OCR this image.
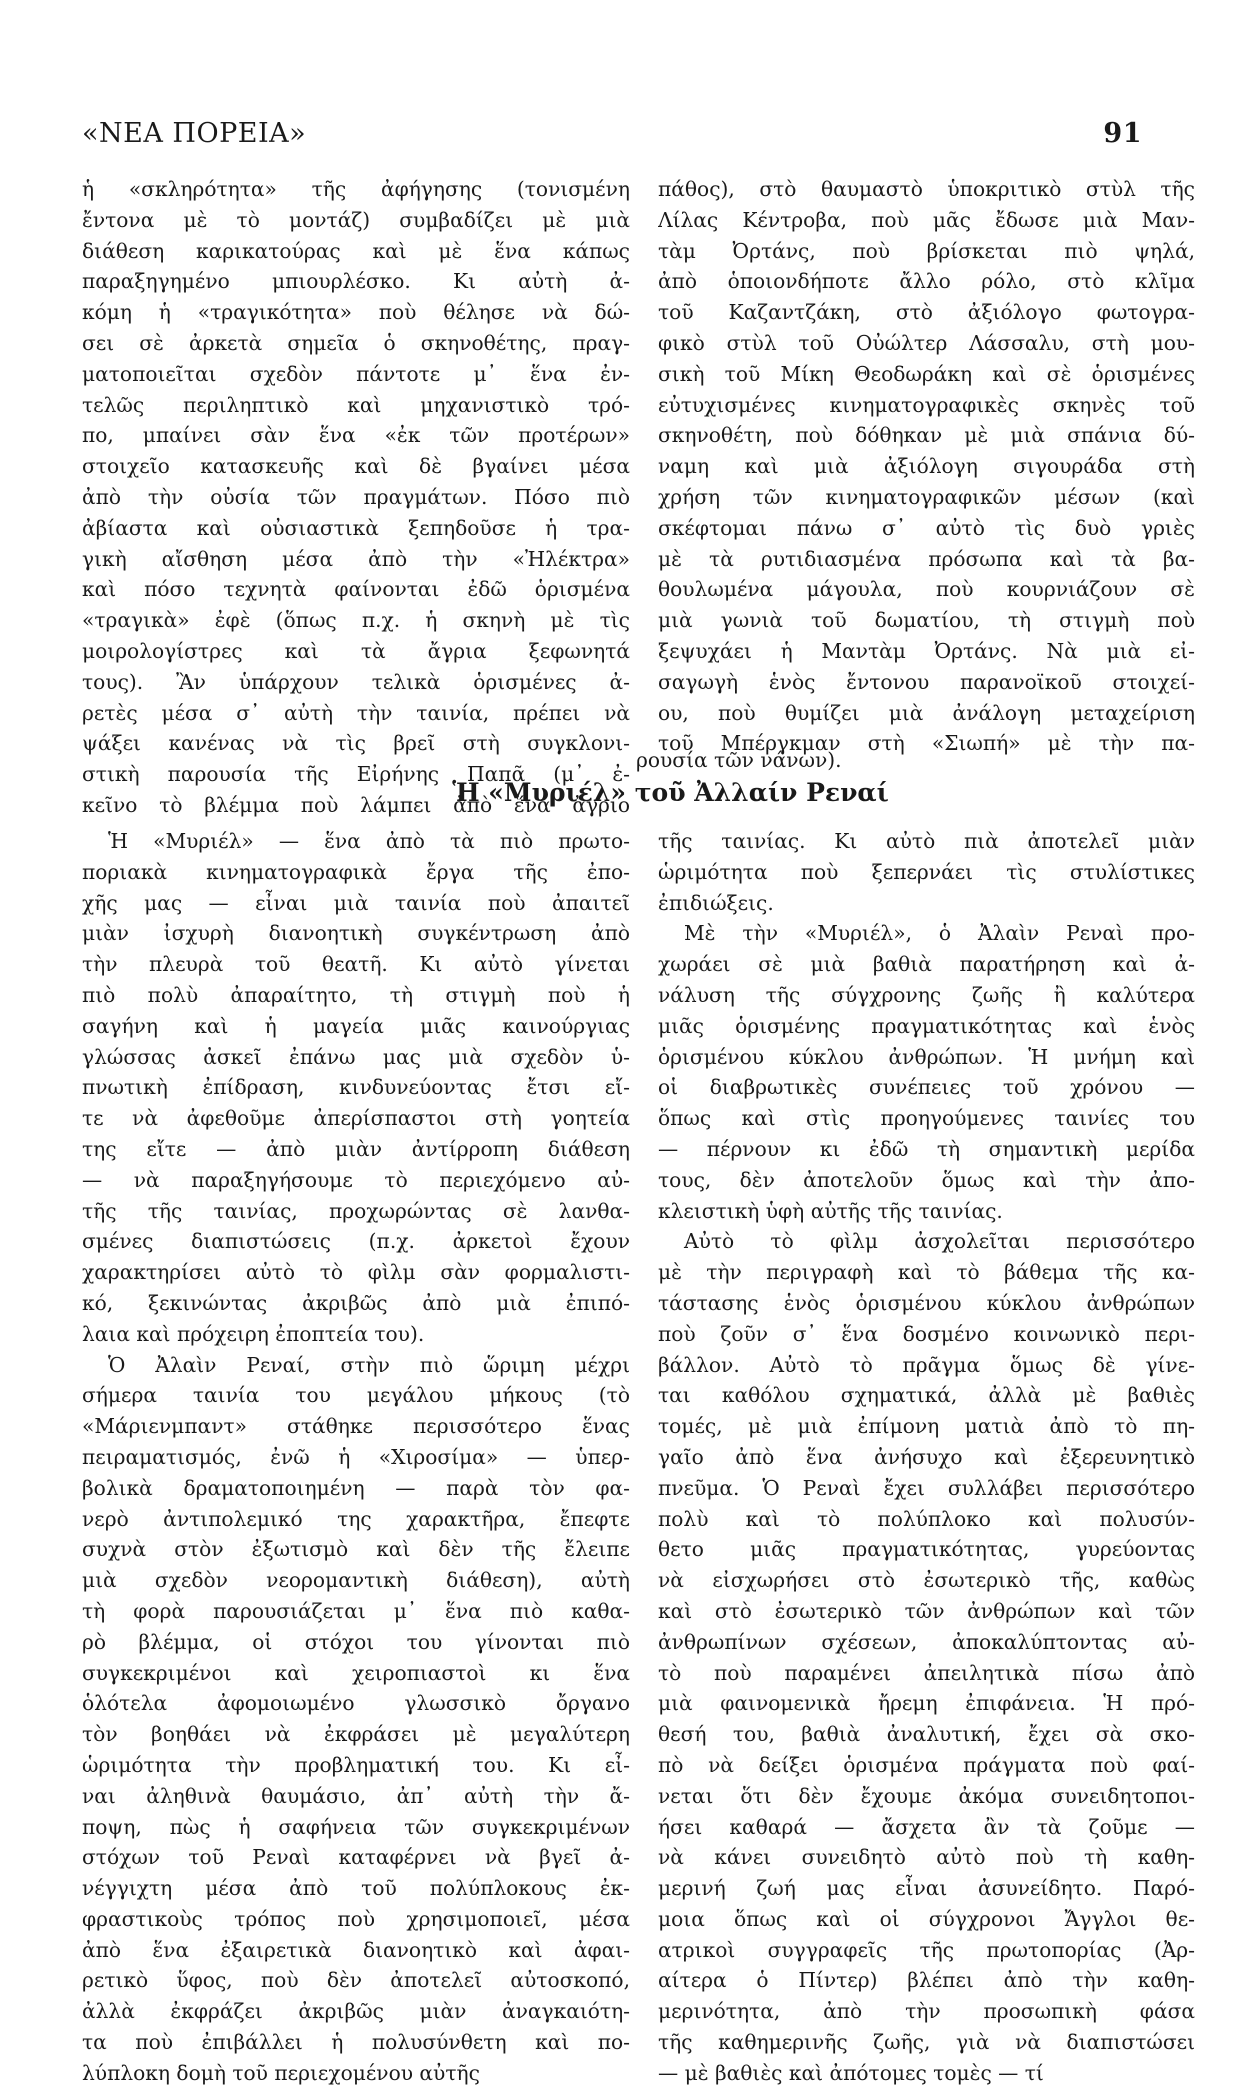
«ΝΕΑ ΠΟΡΕΙΑ»	91
ἡ «σκληρότητα» τῆς ἀφήγησης (τονισμένη
ἔντονα μὲ τὸ μοντάζ) συμβαδίζει μὲ μιὰ
διάθεση καρικατούρας καὶ μὲ ἕνα κάπως
παραξηγημένο μπιουρλέσκο. Κι αὐτὴ ἀ-
κόμη ἡ «τραγικότητα» ποὺ θέλησε νὰ δώ-
σει σὲ ἀρκετὰ σημεῖα ὁ σκηνοθέτης, πραγ-
ματοποιεῖται σχεδὸν πάντοτε μ᾿ ἕνα ἐν-
τελῶς περιληπτικὸ καὶ μηχανιστικὸ τρό-
πο, μπαίνει σὰν ἕνα «ἐκ τῶν προτέρων»
στοιχεῖο κατασκευῆς καὶ δὲ βγαίνει μέσα
ἀπὸ τὴν οὐσία τῶν πραγμάτων. Πόσο πιὸ
ἀβίαστα καὶ οὐσιαστικὰ ξεπηδοῦσε ἡ τρα-
γικὴ αἴσθηση μέσα ἀπὸ τὴν «Ἠλέκτρα»
καὶ πόσο τεχνητὰ φαίνονται ἐδῶ ὁρισμένα
«τραγικὰ» ἐφὲ (ὅπως π.χ. ἡ σκηνὴ μὲ τὶς
μοιρολογίστρες καὶ τὰ ἄγρια ξεφωνητά
τους). Ἂν ὑπάρχουν τελικὰ ὁρισμένες ἀ-
ρετὲς μέσα σ᾿ αὐτὴ τὴν ταινία, πρέπει νὰ
ψάξει κανένας νὰ τὶς βρεῖ στὴ συγκλονι-
στικὴ παρουσία τῆς Εἰρήνης Παπᾶ (μ᾿ ἐ-
κεῖνο τὸ βλέμμα ποὺ λάμπει ἀπὸ ἕνα ἄγριο
πάθος), στὸ θαυμαστὸ ὑποκριτικὸ στὺλ τῆς
Λίλας Κέντροβα, ποὺ μᾶς ἔδωσε μιὰ Μαν-
τὰμ Ὀρτάνς, ποὺ βρίσκεται πιὸ ψηλά,
ἀπὸ ὁποιονδήποτε ἄλλο ρόλο, στὸ κλῖμα
τοῦ Καζαντζάκη, στὸ ἀξιόλογο φωτογρα-
φικὸ στὺλ τοῦ Οὐώλτερ Λάσσαλυ, στὴ μου-
σικὴ τοῦ Μίκη Θεοδωράκη καὶ σὲ ὁρισμένες
εὐτυχισμένες κινηματογραφικὲς σκηνὲς τοῦ
σκηνοθέτη, ποὺ δόθηκαν μὲ μιὰ σπάνια δύ-
ναμη καὶ μιὰ ἀξιόλογη σιγουράδα στὴ
χρήση τῶν κινηματογραφικῶν μέσων (καὶ
σκέφτομαι πάνω σ᾿ αὐτὸ τὶς δυὸ γριὲς
μὲ τὰ ρυτιδιασμένα πρόσωπα καὶ τὰ βα-
θουλωμένα μάγουλα, ποὺ κουρνιάζουν σὲ
μιὰ γωνιὰ τοῦ δωματίου, τὴ στιγμὴ ποὺ
ξεψυχάει ἡ Μαντὰμ Ὀρτάνς. Νὰ μιὰ εἰ-
σαγωγὴ ἑνὸς ἔντονου παρανοϊκοῦ στοιχεί-
ου, ποὺ θυμίζει μιὰ ἀνάλογη μεταχείριση
τοῦ Μπέργκμαν στὴ «Σιωπή» μὲ τὴν πα-
ρουσία τῶν νάνων).
Ἡ «Μυριέλ» τοῦ Ἀλλαίν Ρεναί
Ἡ «Μυριέλ» — ἕνα ἀπὸ τὰ πιὸ πρωτο-
ποριακὰ κινηματογραφικὰ ἔργα τῆς ἐπο-
χῆς μας — εἶναι μιὰ ταινία ποὺ ἀπαιτεῖ
μιὰν ἰσχυρὴ διανοητικὴ συγκέντρωση ἀπὸ
τὴν πλευρὰ τοῦ θεατῆ. Κι αὐτὸ γίνεται
πιὸ πολὺ ἀπαραίτητο, τὴ στιγμὴ ποὺ ἡ
σαγήνη καὶ ἡ μαγεία μιᾶς καινούργιας
γλώσσας ἀσκεῖ ἐπάνω μας μιὰ σχεδὸν ὑ-
πνωτικὴ ἐπίδραση, κινδυνεύοντας ἔτσι εἴ-
τε νὰ ἀφεθοῦμε ἀπερίσπαστοι στὴ γοητεία
της εἴτε — ἀπὸ μιὰν ἀντίρροπη διάθεση
— νὰ παραξηγήσουμε τὸ περιεχόμενο αὐ-
τῆς τῆς ταινίας, προχωρώντας σὲ λανθα-
σμένες διαπιστώσεις (π.χ. ἀρκετοὶ ἔχουν
χαρακτηρίσει αὐτὸ τὸ φὶλμ σὰν φορμαλιστι-
κό, ξεκινώντας ἀκριβῶς ἀπὸ μιὰ ἐπιπό-
λαια καὶ πρόχειρη ἐποπτεία του).
Ὁ Ἀλαὶν Ρεναί, στὴν πιὸ ὥριμη μέχρι
σήμερα ταινία του μεγάλου μήκους (τὸ
«Μάριενμπαντ» στάθηκε περισσότερο ἕνας
πειραματισμός, ἐνῶ ἡ «Χιροσίμα» — ὑπερ-
βολικὰ δραματοποιημένη — παρὰ τὸν φα-
νερὸ ἀντιπολεμικό της χαρακτῆρα, ἔπεφτε
συχνὰ στὸν ἐξωτισμὸ καὶ δὲν τῆς ἔλειπε
μιὰ σχεδὸν νεορομαντικὴ διάθεση), αὐτὴ
τὴ φορὰ παρουσιάζεται μ᾿ ἕνα πιὸ καθα-
ρὸ βλέμμα, οἱ στόχοι του γίνονται πιὸ
συγκεκριμένοι καὶ χειροπιαστοὶ κι ἕνα
ὁλότελα ἀφομοιωμένο γλωσσικὸ ὄργανο
τὸν βοηθάει νὰ ἐκφράσει μὲ μεγαλύτερη
ὡριμότητα τὴν προβληματική του. Κι εἶ-
ναι ἀληθινὰ θαυμάσιο, ἀπ᾿ αὐτὴ τὴν ἄ-
ποψη, πὼς ἡ σαφήνεια τῶν συγκεκριμένων
στόχων τοῦ Ρεναὶ καταφέρνει νὰ βγεῖ ἀ-
νέγγιχτη μέσα ἀπὸ τοῦ πολύπλοκους ἐκ-
φραστικοὺς τρόπος ποὺ χρησιμοποιεῖ, μέσα
ἀπὸ ἕνα ἐξαιρετικὰ διανοητικὸ καὶ ἀφαι-
ρετικὸ ὕφος, ποὺ δὲν ἀποτελεῖ αὐτοσκοπό,
ἀλλὰ ἐκφράζει ἀκριβῶς μιὰν ἀναγκαιότη-
τα ποὺ ἐπιβάλλει ἡ πολυσύνθετη καὶ πο-
λύπλοκη δομὴ τοῦ περιεχομένου αὐτῆς
τῆς ταινίας. Κι αὐτὸ πιὰ ἀποτελεῖ μιὰν
ὡριμότητα ποὺ ξεπερνάει τὶς στυλίστικες
ἐπιδιώξεις.
Μὲ τὴν «Μυριέλ», ὁ Ἀλαὶν Ρεναὶ προ-
χωράει σὲ μιὰ βαθιὰ παρατήρηση καὶ ἀ-
νάλυση τῆς σύγχρονης ζωῆς ἢ καλύτερα
μιᾶς ὁρισμένης πραγματικότητας καὶ ἑνὸς
ὁρισμένου κύκλου ἀνθρώπων. Ἡ μνήμη καὶ
οἱ διαβρωτικὲς συνέπειες τοῦ χρόνου —
ὅπως καὶ στὶς προηγούμενες ταινίες του
— πέρνουν κι ἐδῶ τὴ σημαντικὴ μερίδα
τους, δὲν ἀποτελοῦν ὅμως καὶ τὴν ἀπο-
κλειστικὴ ὑφὴ αὐτῆς τῆς ταινίας.
Αὐτὸ τὸ φὶλμ ἀσχολεῖται περισσότερο
μὲ τὴν περιγραφὴ καὶ τὸ βάθεμα τῆς κα-
τάστασης ἑνὸς ὁρισμένου κύκλου ἀνθρώπων
ποὺ ζοῦν σ᾿ ἕνα δοσμένο κοινωνικὸ περι-
βάλλον. Αὐτὸ τὸ πρᾶγμα ὅμως δὲ γίνε-
ται καθόλου σχηματικά, ἀλλὰ μὲ βαθιὲς
τομές, μὲ μιὰ ἐπίμονη ματιὰ ἀπὸ τὸ πη-
γαῖο ἀπὸ ἕνα ἀνήσυχο καὶ ἐξερευνητικὸ
πνεῦμα. Ὁ Ρεναὶ ἔχει συλλάβει περισσότερο
πολὺ καὶ τὸ πολύπλοκο καὶ πολυσύν-
θετο μιᾶς πραγματικότητας, γυρεύοντας
νὰ εἰσχωρήσει στὸ ἐσωτερικὸ τῆς, καθὼς
καὶ στὸ ἐσωτερικὸ τῶν ἀνθρώπων καὶ τῶν
ἀνθρωπίνων σχέσεων, ἀποκαλύπτοντας αὐ-
τὸ ποὺ παραμένει ἀπειλητικὰ πίσω ἀπὸ
μιὰ φαινομενικὰ ἤρεμη ἐπιφάνεια. Ἡ πρό-
θεσή του, βαθιὰ ἀναλυτική, ἔχει σὰ σκο-
πὸ νὰ δείξει ὁρισμένα πράγματα ποὺ φαί-
νεται ὅτι δὲν ἔχουμε ἀκόμα συνειδητοποι-
ήσει καθαρά — ἄσχετα ἂν τὰ ζοῦμε —
νὰ κάνει συνειδητὸ αὐτὸ ποὺ τὴ καθη-
μερινή ζωή μας εἶναι ἀσυνείδητο. Παρό-
μοια ὅπως καὶ οἱ σύγχρονοι Ἄγγλοι θε-
ατρικοὶ συγγραφεῖς τῆς πρωτοπορίας (Ἀρ-
αίτερα ὁ Πίντερ) βλέπει ἀπὸ τὴν καθη-
μερινότητα, ἀπὸ τὴν προσωπικὴ φάσα
τῆς καθημερινῆς ζωῆς, γιὰ νὰ διαπιστώσει
— μὲ βαθιὲς καὶ ἀπότομες τομὲς — τί
